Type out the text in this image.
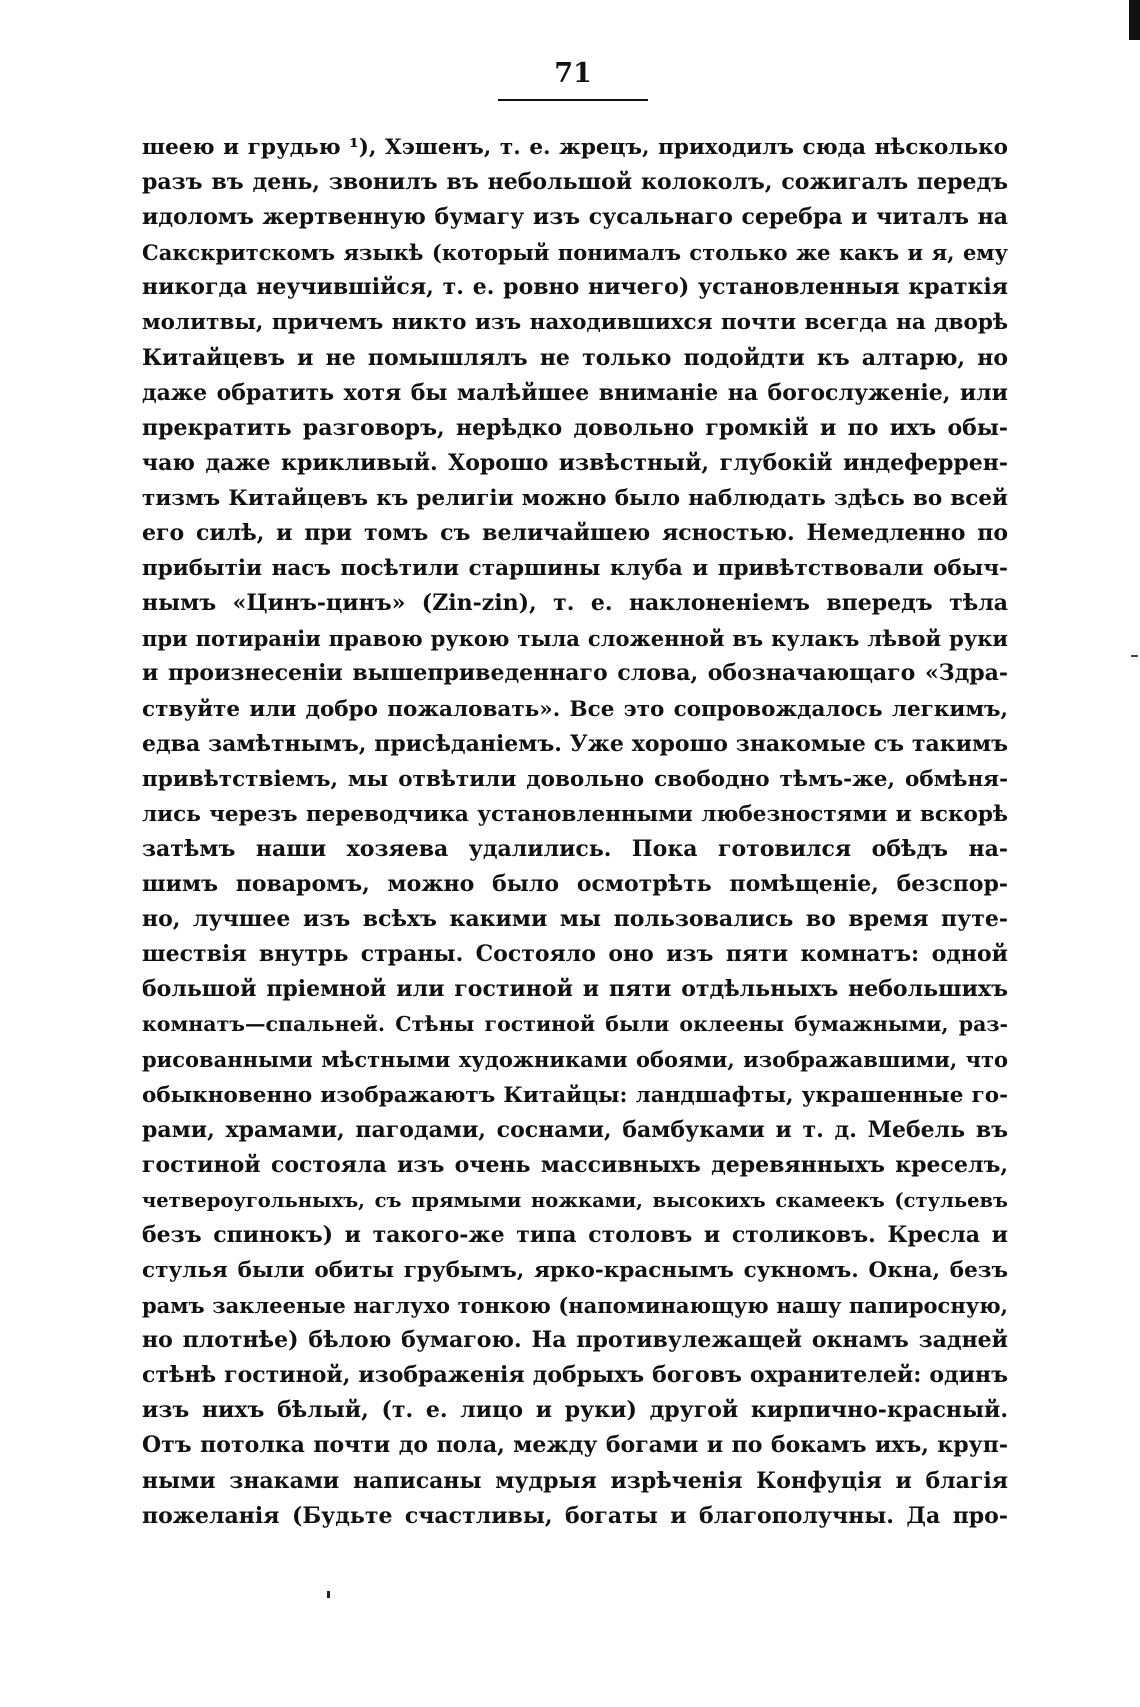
71
шеею и грудью ¹), Хэшенъ, т. е. жрецъ, приходилъ сюда нѣсколько
разъ въ день, звонилъ въ небольшой колоколъ, сожигалъ передъ
идоломъ жертвенную бумагу изъ сусальнаго серебра и читалъ на
Сакскритскомъ языкѣ (который понималъ столько же какъ и я, ему
никогда неучившійся, т. е. ровно ничего) установленныя краткія
молитвы, причемъ никто изъ находившихся почти всегда на дворѣ
Китайцевъ и не помышлялъ не только подойдти къ алтарю, но
даже обратить хотя бы малѣйшее вниманіе на богослуженіе, или
прекратить разговоръ, нерѣдко довольно громкій и по ихъ обы-
чаю даже крикливый. Хорошо извѣстный, глубокій индеферрен-
тизмъ Китайцевъ къ религіи можно было наблюдать здѣсь во всей
его силѣ, и при томъ съ величайшею ясностью. Немедленно по
прибытіи насъ посѣтили старшины клуба и привѣтствовали обыч-
нымъ «Цинъ-цинъ» (Zin-zin), т. е. наклоненіемъ впередъ тѣла
при потираніи правою рукою тыла сложенной въ кулакъ лѣвой руки
и произнесеніи вышеприведеннаго слова, обозначающаго «Здра-
ствуйте или добро пожаловать». Все это сопровождалось легкимъ,
едва замѣтнымъ, присѣданіемъ. Уже хорошо знакомые съ такимъ
привѣтствіемъ, мы отвѣтили довольно свободно тѣмъ-же, обмѣня-
лись черезъ переводчика установленными любезностями и вскорѣ
затѣмъ наши хозяева удалились. Пока готовился обѣдъ на-
шимъ поваромъ, можно было осмотрѣть помѣщеніе, безспор-
но, лучшее изъ всѣхъ какими мы пользовались во время путе-
шествія внутрь страны. Состояло оно изъ пяти комнатъ: одной
большой пріемной или гостиной и пяти отдѣльныхъ небольшихъ
комнатъ—спальней. Стѣны гостиной были оклеены бумажными, раз-
рисованными мѣстными художниками обоями, изображавшими, что
обыкновенно изображаютъ Китайцы: ландшафты, украшенные го-
рами, храмами, пагодами, соснами, бамбуками и т. д. Мебель въ
гостиной состояла изъ очень массивныхъ деревянныхъ креселъ,
четвероугольныхъ, съ прямыми ножками, высокихъ скамеекъ (стульевъ
безъ спинокъ) и такого-же типа столовъ и столиковъ. Кресла и
стулья были обиты грубымъ, ярко-краснымъ сукномъ. Окна, безъ
рамъ заклееные наглухо тонкою (напоминающую нашу папиросную,
но плотнѣе) бѣлою бумагою. На противулежащей окнамъ задней
стѣнѣ гостиной, изображенія добрыхъ боговъ охранителей: одинъ
изъ нихъ бѣлый, (т. е. лицо и руки) другой кирпично-красный.
Отъ потолка почти до пола, между богами и по бокамъ ихъ, круп-
ными знаками написаны мудрыя изрѣченія Конфуція и благія
пожеланія (Будьте счастливы, богаты и благополучны. Да про-
